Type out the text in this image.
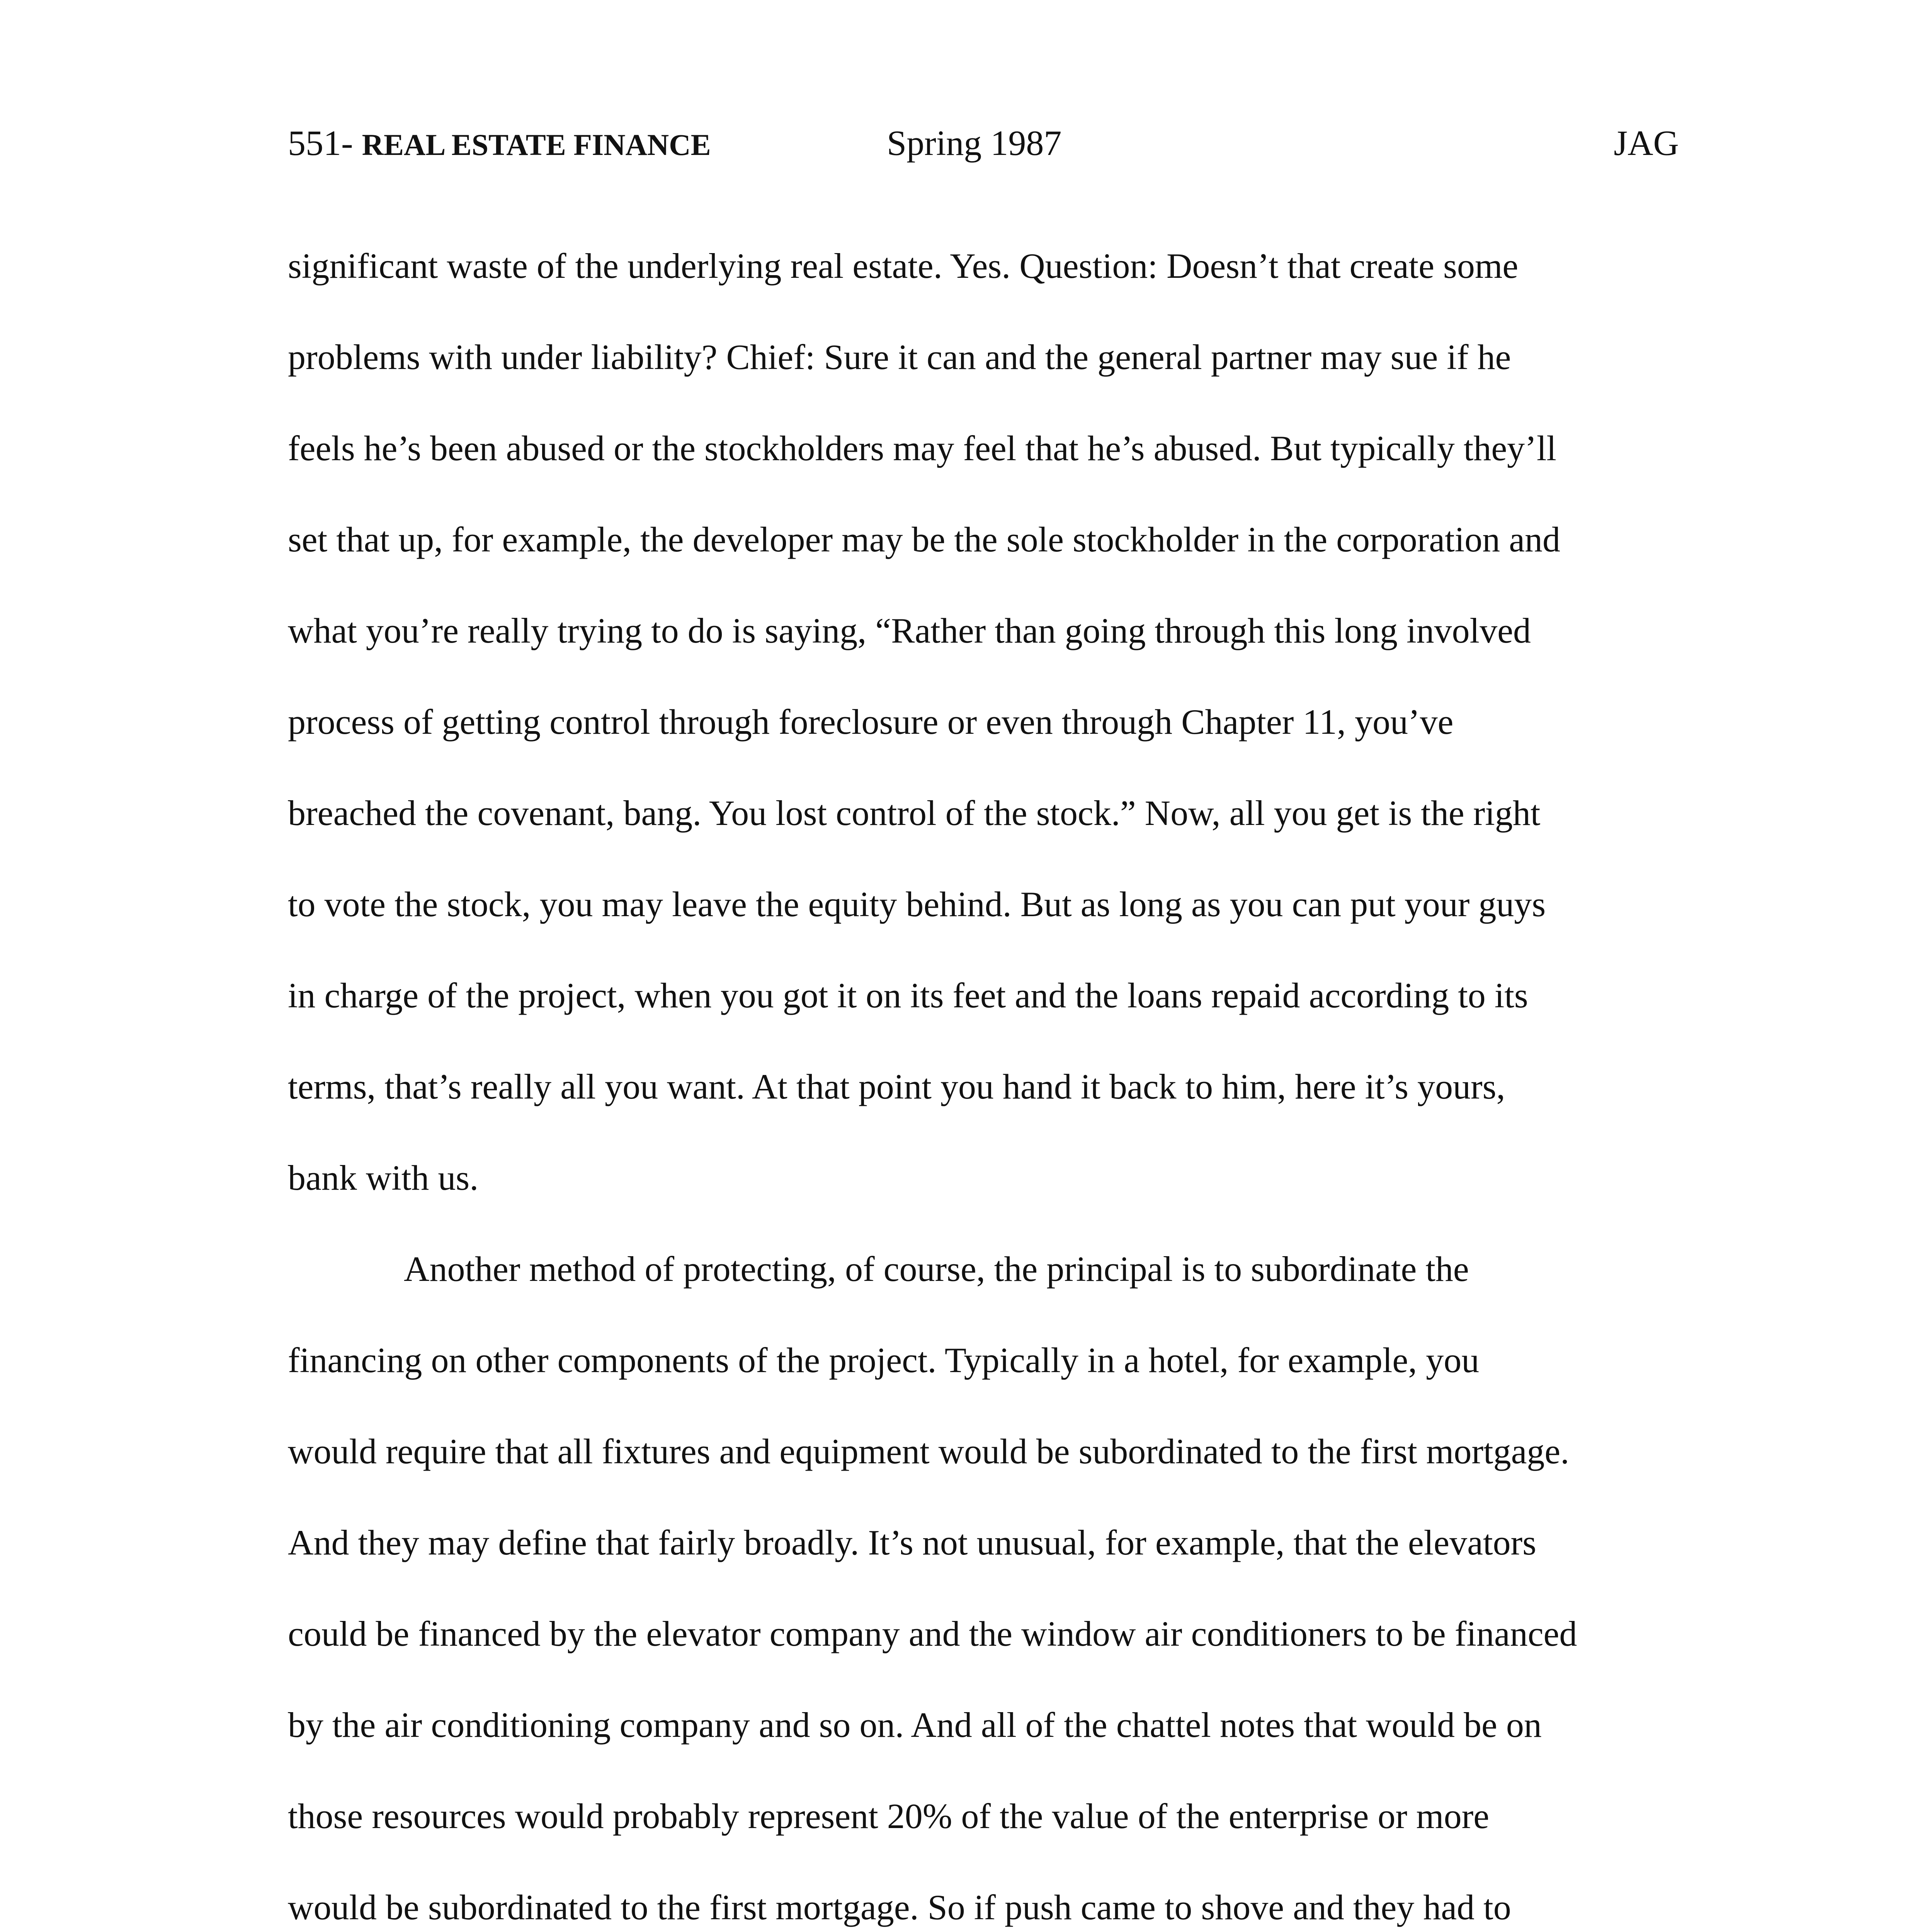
551- REAL ESTATE FINANCE	Spring 1987	JAG
significant waste of the underlying real estate. Yes. Question: Doesn’t that create some
problems with under liability? Chief: Sure it can and the general partner may sue if he
feels he’s been abused or the stockholders may feel that he’s abused. But typically they’ll
set that up, for example, the developer may be the sole stockholder in the corporation and
what you’re really trying to do is saying, “Rather than going through this long involved
process of getting control through foreclosure or even through Chapter 11, you’ve
breached the covenant, bang. You lost control of the stock.” Now, all you get is the right
to vote the stock, you may leave the equity behind. But as long as you can put your guys
in charge of the project, when you got it on its feet and the loans repaid according to its
terms, that’s really all you want. At that point you hand it back to him, here it’s yours,
bank with us.
Another method of protecting, of course, the principal is to subordinate the
financing on other components of the project. Typically in a hotel, for example, you
would require that all fixtures and equipment would be subordinated to the first mortgage.
And they may define that fairly broadly. It’s not unusual, for example, that the elevators
could be financed by the elevator company and the window air conditioners to be financed
by the air conditioning company and so on. And all of the chattel notes that would be on
those resources would probably represent 20% of the value of the enterprise or more
would be subordinated to the first mortgage. So if push came to shove and they had to
